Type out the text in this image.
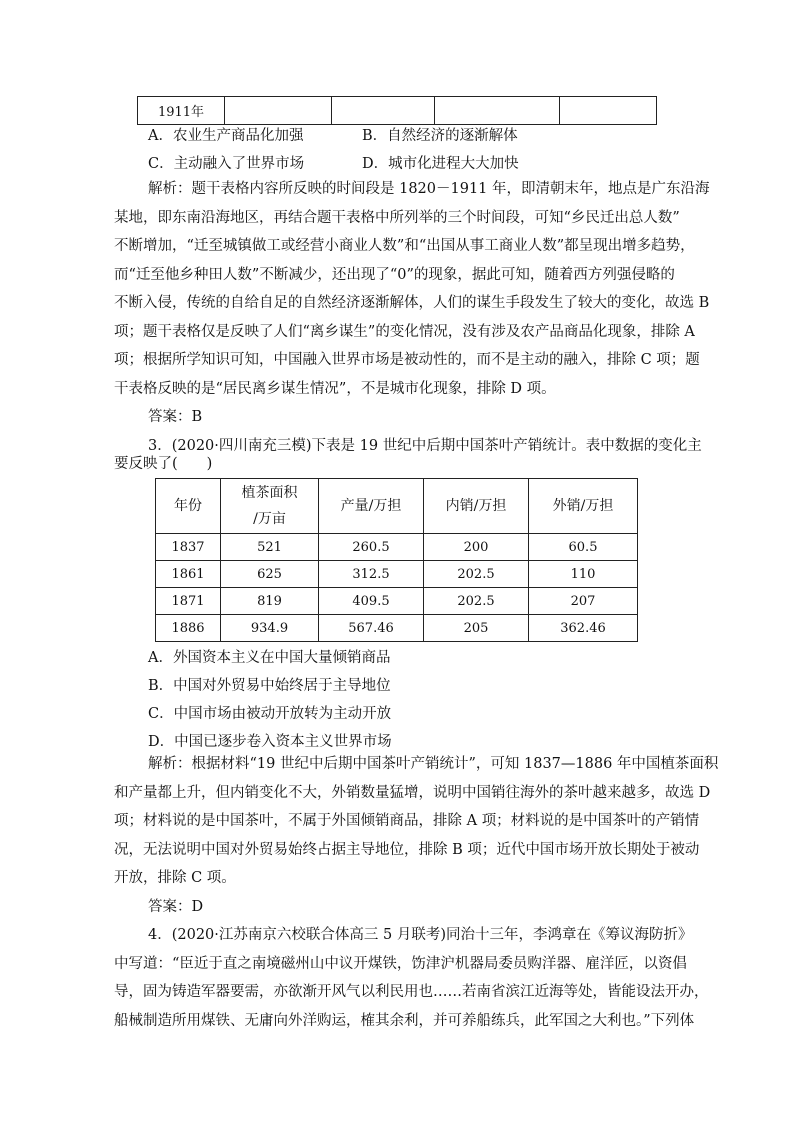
1911年				
A．农业生产商品化加强	B．自然经济的逐渐解体
C．主动融入了世界市场	D．城市化进程大大加快
解析：题干表格内容所反映的时间段是 1820－1911 年，即清朝末年，地点是广东沿海
某地，即东南沿海地区，再结合题干表格中所列举的三个时间段，可知“乡民迁出总人数”
不断增加，“迁至城镇做工或经营小商业人数”和“出国从事工商业人数”都呈现出增多趋势，
而“迁至他乡种田人数”不断减少，还出现了“0”的现象，据此可知，随着西方列强侵略的
不断入侵，传统的自给自足的自然经济逐渐解体，人们的谋生手段发生了较大的变化，故选 B
项；题干表格仅是反映了人们“离乡谋生”的变化情况，没有涉及农产品商品化现象，排除 A
项；根据所学知识可知，中国融入世界市场是被动性的，而不是主动的融入，排除 C 项；题
干表格反映的是“居民离乡谋生情况”，不是城市化现象，排除 D 项。
答案：B
3．(2020·四川南充三模)下表是 19 世纪中后期中国茶叶产销统计。表中数据的变化主
要反映了(　　)
年份	植茶面积
/万亩	产量/万担	内销/万担	外销/万担
1837	521	260.5	200	60.5
1861	625	312.5	202.5	110
1871	819	409.5	202.5	207
1886	934.9	567.46	205	362.46
A．外国资本主义在中国大量倾销商品
B．中国对外贸易中始终居于主导地位
C．中国市场由被动开放转为主动开放
D．中国已逐步卷入资本主义世界市场
解析：根据材料“19 世纪中后期中国茶叶产销统计”，可知 1837—1886 年中国植茶面积
和产量都上升，但内销变化不大，外销数量猛增，说明中国销往海外的茶叶越来越多，故选 D
项；材料说的是中国茶叶，不属于外国倾销商品，排除 A 项；材料说的是中国茶叶的产销情
况，无法说明中国对外贸易始终占据主导地位，排除 B 项；近代中国市场开放长期处于被动
开放，排除 C 项。
答案：D
4．(2020·江苏南京六校联合体高三 5 月联考)同治十三年，李鸿章在《筹议海防折》
中写道：“臣近于直之南境磁州山中议开煤铁，饬津沪机器局委员购洋器、雇洋匠，以资倡
导，固为铸造军器要需，亦欲渐开风气以利民用也……若南省滨江近海等处，皆能设法开办，
船械制造所用煤铁、无庸向外洋购运，榷其余利，并可养船练兵，此军国之大利也。”下列体
